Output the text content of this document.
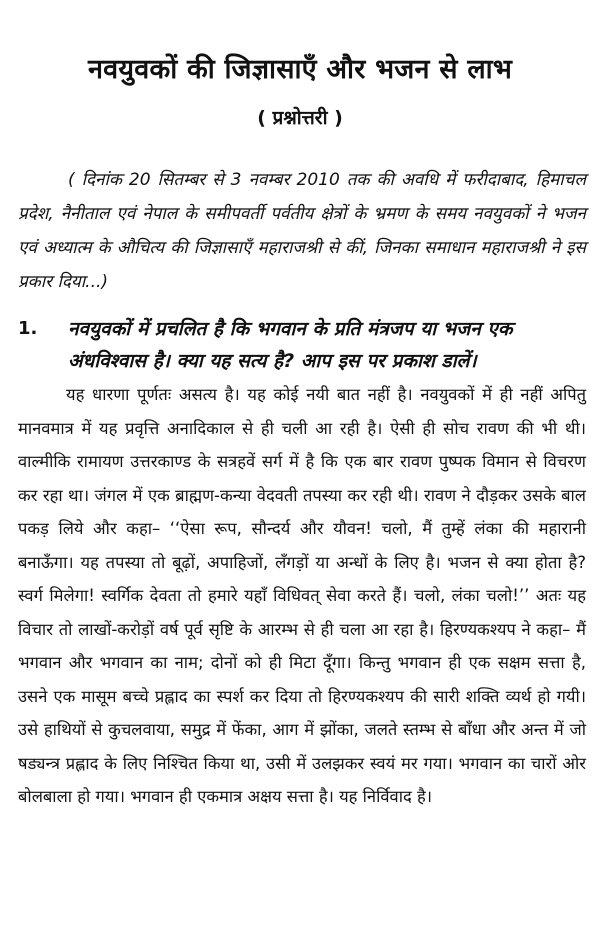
नवयुवकों की जिज्ञासाएँ और भजन से लाभ
( प्रश्नोत्तरी )

( दिनांक 20 सितम्बर से 3 नवम्बर 2010 तक की अवधि में फरीदाबाद, हिमाचल प्रदेश, नैनीताल एवं नेपाल के समीपवर्ती पर्वतीय क्षेत्रों के भ्रमण के समय नवयुवकों ने भजन एवं अध्यात्म के औचित्य की जिज्ञासाएँ महाराजश्री से कीं, जिनका समाधान महाराजश्री ने इस प्रकार दिया...)

1. नवयुवकों में प्रचलित है कि भगवान के प्रति मंत्रजप या भजन एक अंधविश्वास है। क्या यह सत्य है? आप इस पर प्रकाश डालें।

यह धारणा पूर्णतः असत्य है। यह कोई नयी बात नहीं है। नवयुवकों में ही नहीं अपितु मानवमात्र में यह प्रवृत्ति अनादिकाल से ही चली आ रही है। ऐसी ही सोच रावण की भी थी। वाल्मीकि रामायण उत्तरकाण्ड के सत्रहवें सर्ग में है कि एक बार रावण पुष्पक विमान से विचरण कर रहा था। जंगल में एक ब्राह्मण-कन्या वेदवती तपस्या कर रही थी। रावण ने दौड़कर उसके बाल पकड़ लिये और कहा– ‘‘ऐसा रूप, सौन्दर्य और यौवन! चलो, मैं तुम्हें लंका की महारानी बनाऊँगा। यह तपस्या तो बूढ़ों, अपाहिजों, लँगड़ों या अन्धों के लिए है। भजन से क्या होता है? स्वर्ग मिलेगा! स्वर्गिक देवता तो हमारे यहाँ विधिवत् सेवा करते हैं। चलो, लंका चलो!’’ अतः यह विचार तो लाखों-करोड़ों वर्ष पूर्व सृष्टि के आरम्भ से ही चला आ रहा है। हिरण्यकश्यप ने कहा– मैं भगवान और भगवान का नाम; दोनों को ही मिटा दूँगा। किन्तु भगवान ही एक सक्षम सत्ता है, उसने एक मासूम बच्चे प्रह्लाद का स्पर्श कर दिया तो हिरण्यकश्यप की सारी शक्ति व्यर्थ हो गयी। उसे हाथियों से कुचलवाया, समुद्र में फेंका, आग में झोंका, जलते स्तम्भ से बाँधा और अन्त में जो षड्यन्त्र प्रह्लाद के लिए निश्चित किया था, उसी में उलझकर स्वयं मर गया। भगवान का चारों ओर बोलबाला हो गया। भगवान ही एकमात्र अक्षय सत्ता है। यह निर्विवाद है।
